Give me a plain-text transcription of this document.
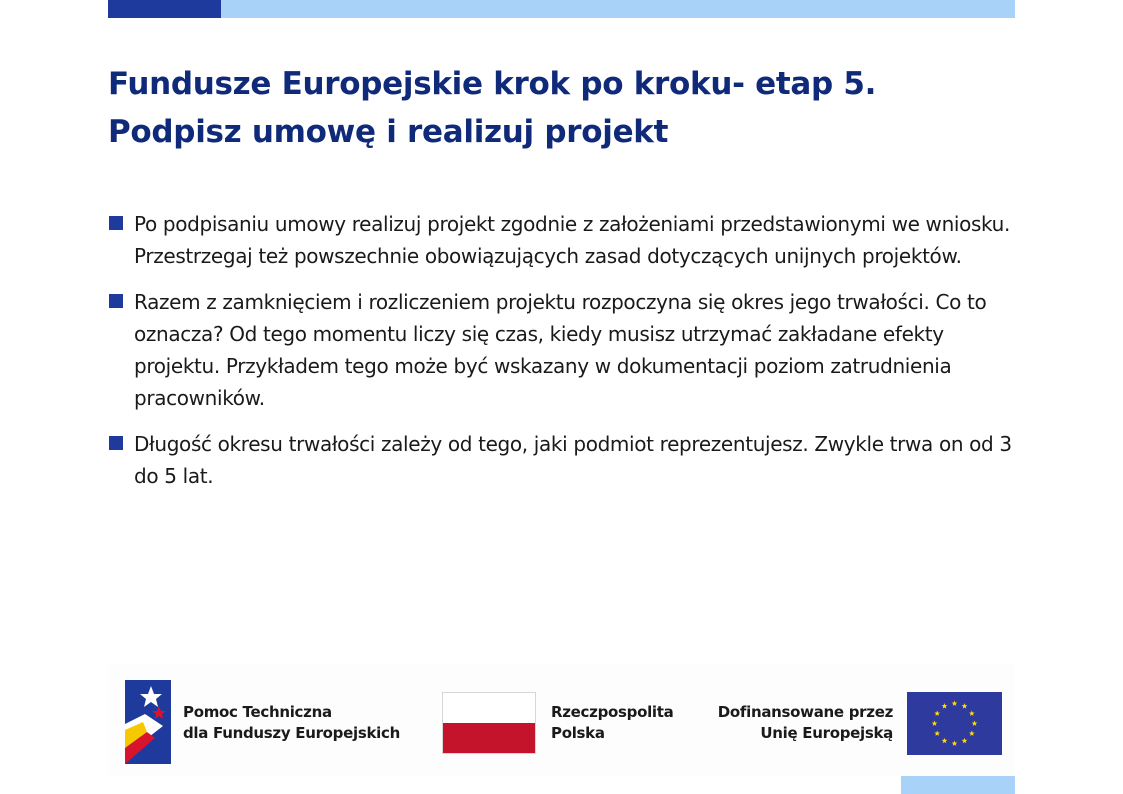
Fundusze Europejskie krok po kroku- etap 5.
Podpisz umowę i realizuj projekt
Po podpisaniu umowy realizuj projekt zgodnie z założeniami przedstawionymi we wniosku. Przestrzegaj też powszechnie obowiązujących zasad dotyczących unijnych projektów.
Razem z zamknięciem i rozliczeniem projektu rozpoczyna się okres jego trwałości. Co to oznacza? Od tego momentu liczy się czas, kiedy musisz utrzymać zakładane efekty projektu. Przykładem tego może być wskazany w dokumentacji poziom zatrudnienia pracowników.
Długość okresu trwałości zależy od tego, jaki podmiot reprezentujesz. Zwykle trwa on od 3 do 5 lat.
Pomoc Techniczna
dla Funduszy Europejskich
Rzeczpospolita
Polska
Dofinansowane przez
Unię Europejską
